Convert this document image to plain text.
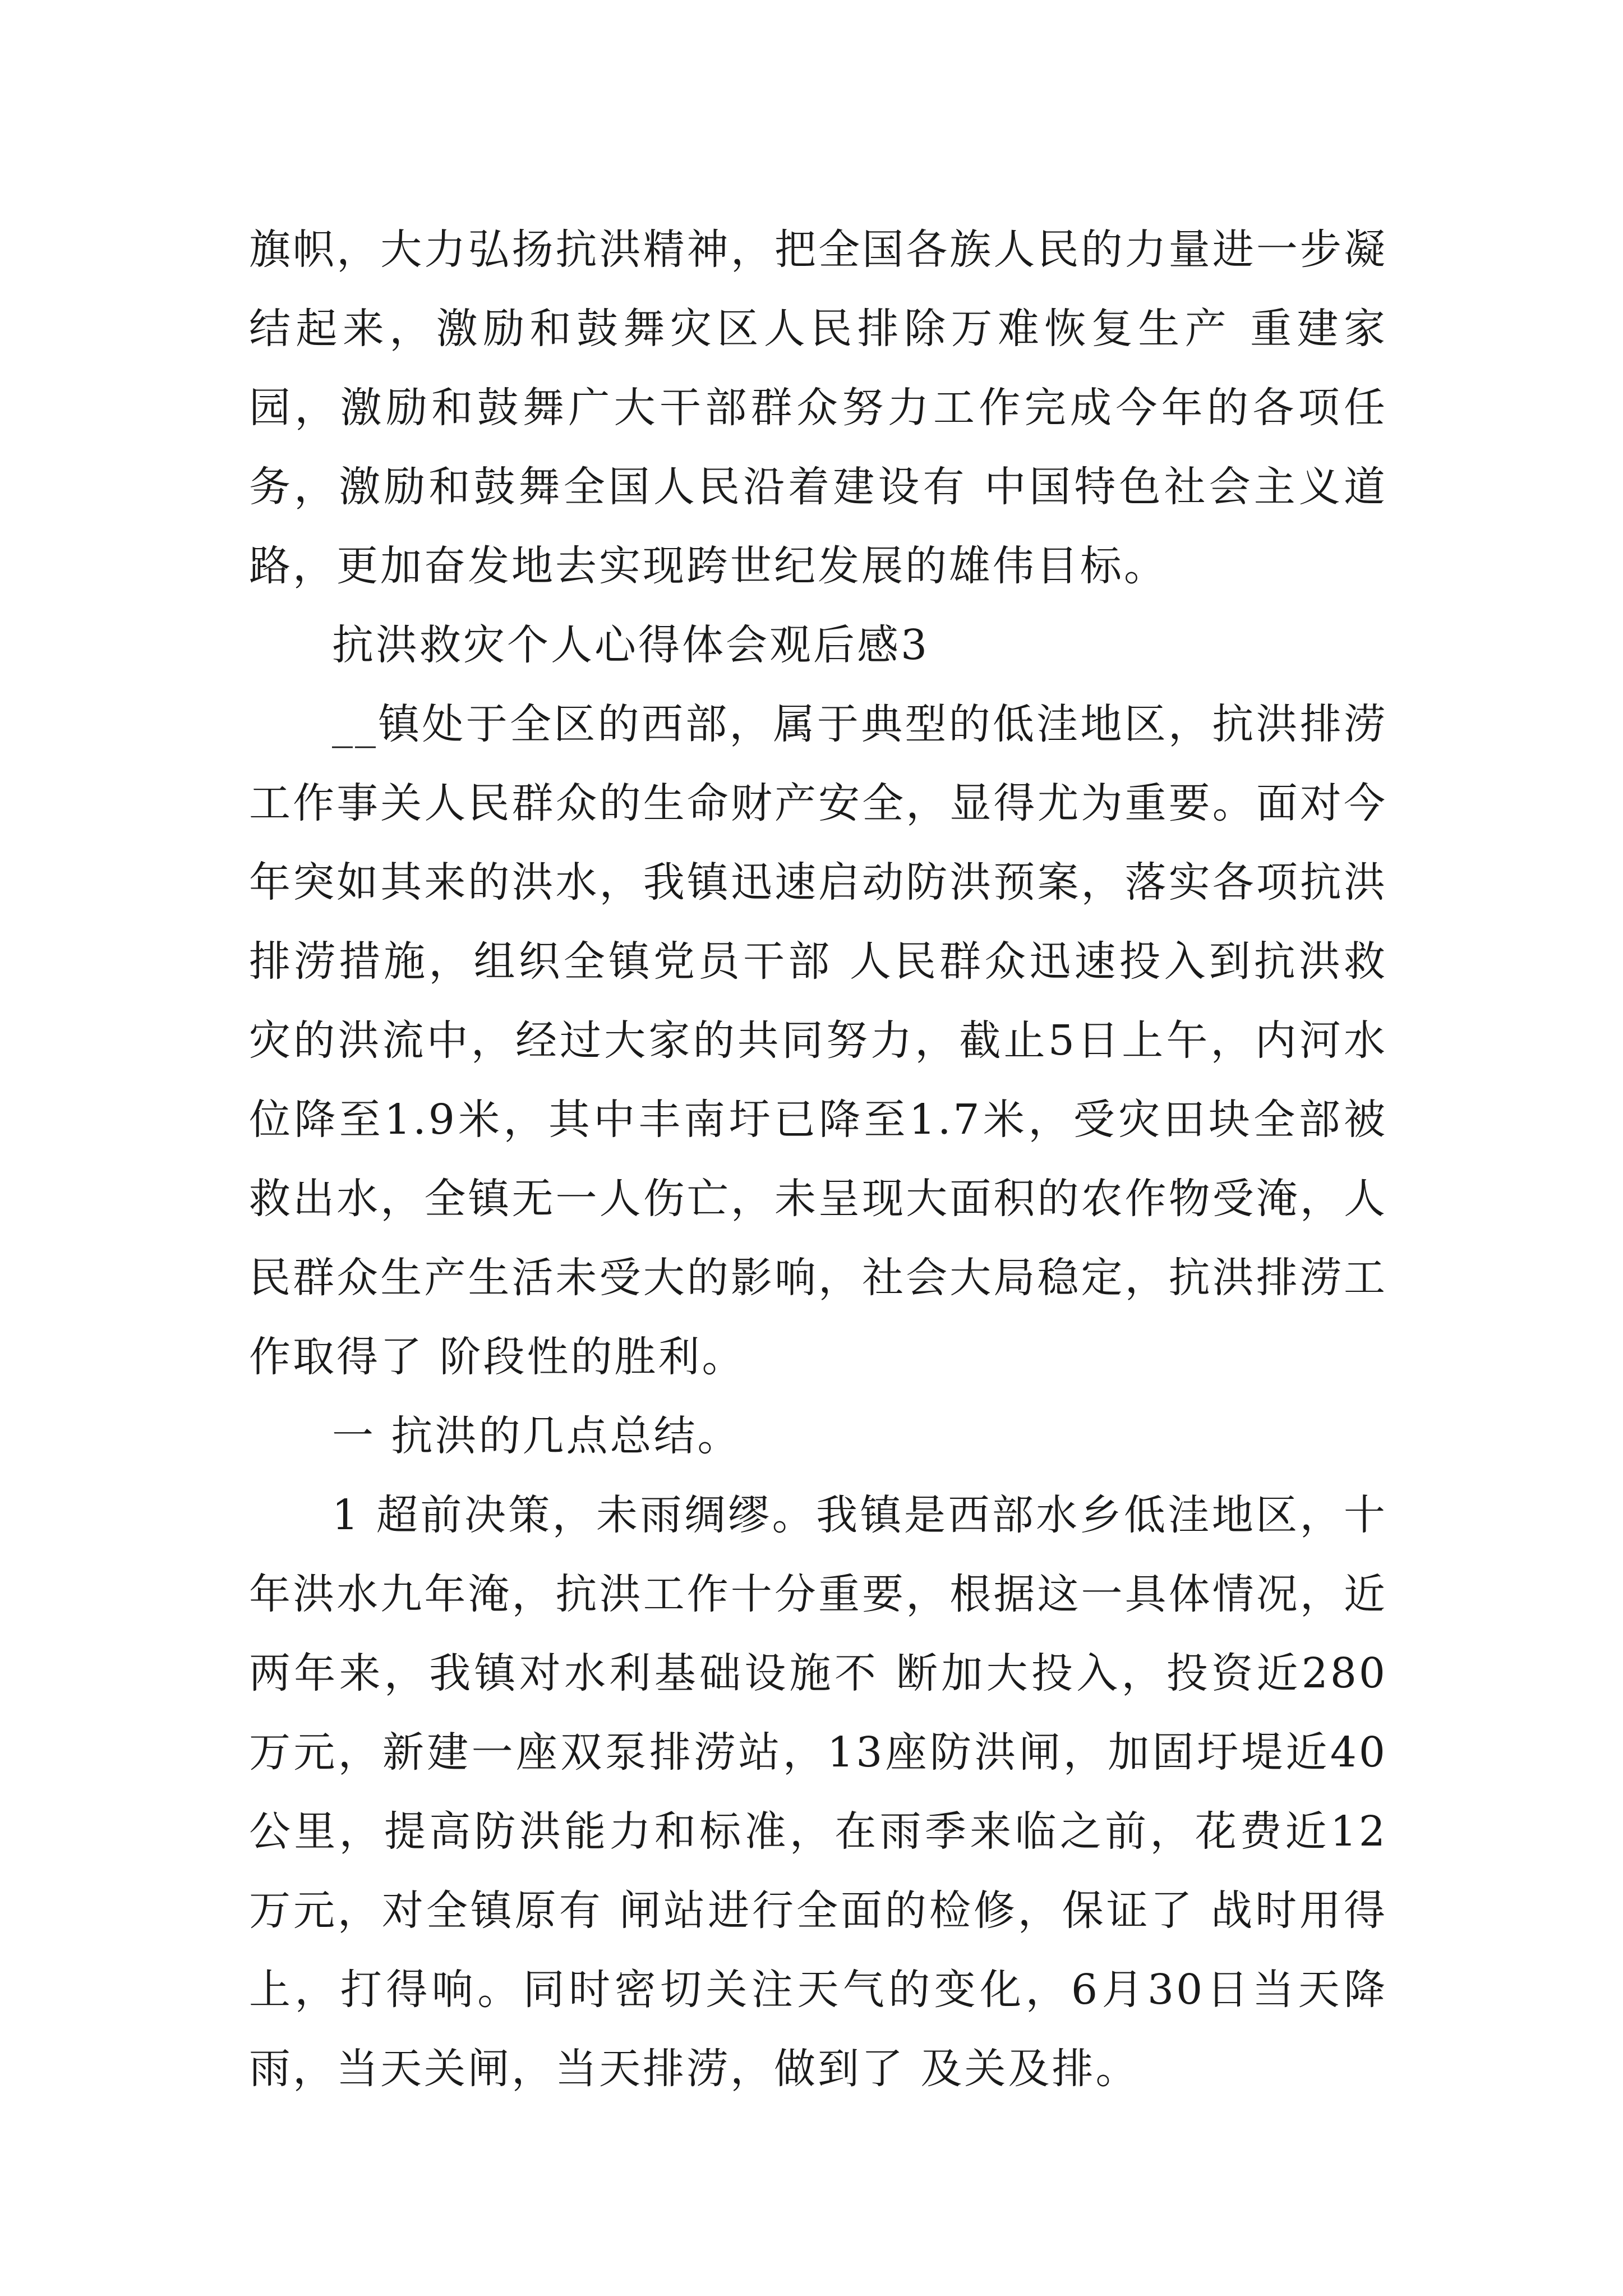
旗帜，大力弘扬抗洪精神，把全国各族人民的力量进一步凝结起来，激励和鼓舞灾区人民排除万难恢复生产 重建家园，激励和鼓舞广大干部群众努力工作完成今年的各项任务，激励和鼓舞全国人民沿着建设有 中国特色社会主义道路，更加奋发地去实现跨世纪发展的雄伟目标。

抗洪救灾个人心得体会观后感3

__镇处于全区的西部，属于典型的低洼地区，抗洪排涝工作事关人民群众的生命财产安全，显得尤为重要。面对今年突如其来的洪水，我镇迅速启动防洪预案，落实各项抗洪排涝措施，组织全镇党员干部 人民群众迅速投入到抗洪救灾的洪流中，经过大家的共同努力，截止5日上午，内河水位降至1.9米，其中丰南圩已降至1.7米，受灾田块全部被救出水，全镇无一人伤亡，未呈现大面积的农作物受淹，人民群众生产生活未受大的影响，社会大局稳定，抗洪排涝工作取得了 阶段性的胜利。

一 抗洪的几点总结。

1 超前决策，未雨绸缪。我镇是西部水乡低洼地区，十年洪水九年淹，抗洪工作十分重要，根据这一具体情况，近两年来，我镇对水利基础设施不 断加大投入，投资近280万元，新建一座双泵排涝站，13座防洪闸，加固圩堤近40公里，提高防洪能力和标准，在雨季来临之前，花费近12万元，对全镇原有 闸站进行全面的检修，保证了 战时用得上，打得响。同时密切关注天气的变化，6月30日当天降雨，当天关闸，当天排涝，做到了 及关及排。
